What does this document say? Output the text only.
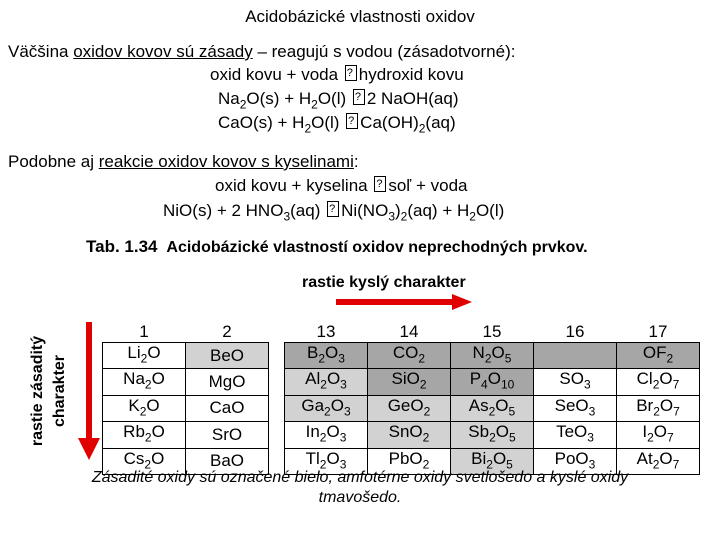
Acidobázické vlastnosti oxidov
Väčšina oxidov kovov sú zásady – reagujú s vodou (zásadotvorné):
oxid kovu + voda ?hydroxid kovu
$Na_2O(s) + H_2O(l)$ ?2 NaOH(aq)
$CaO(s) + H_2O(l)$ $?Ca(OH)_2(aq)$
Podobne aj reakcie oxidov kovov s kyselinami:
oxid kovu + kyselina ?soľ + voda
NiO(s) + 2 $HNO_3(aq)$ $?Ni(NO_3)_2(aq) + H_2O(l)$
Tab. 1.34 Acidobázické vlastností oxidov neprechodných prvkov.
rastie kyslý charakter
rastie zásaditý charakter
1	2
$Li_2O$	BeO
$Na_2O$	MgO
$K_2O$	CaO
$Rb_2O$	SrO
$Cs_2O$	BaO
13	14	15	16	17
$B_2O_3$	$CO_2$	$N_2O_5$		$OF_2$
$Al_2O_3$	SiO$_2$	$P_4O_{10}$	$SO_3$	$Cl_2O_7$
$Ga_2O_3$	GeO$_2$	$As_2O_5$	SeO$_3$	$Br_2O_7$
$In_2O_3$	SnO$_2$	$Sb_2O_5$	TeO$_3$	$I_2O_7$
$Tl_2O_3$	PbO$_2$	$Bi_2O_5$	PoO$_3$	$At_2O_7$
Zásadité oxidy sú označené bielo, amfotérne oxidy svetlošedo a kyslé oxidy
tmavošedo.
